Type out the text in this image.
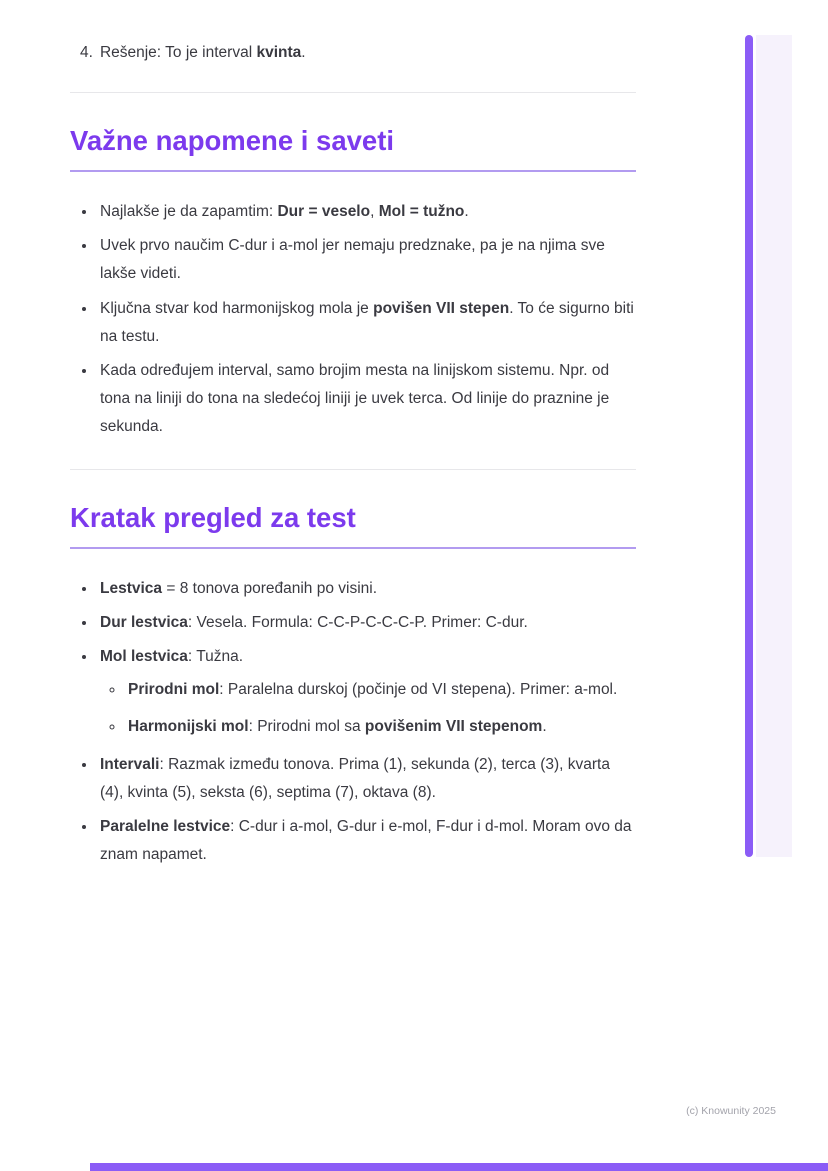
4. Rešenje: To je interval kvinta.
Važne napomene i saveti
• Najlakše je da zapamtim: Dur = veselo, Mol = tužno.
• Uvek prvo naučim C-dur i a-mol jer nemaju predznake, pa je na njima sve lakše videti.
• Ključna stvar kod harmonijskog mola je povišen VII stepen. To će sigurno biti na testu.
• Kada određujem interval, samo brojim mesta na linijskom sistemu. Npr. od tona na liniji do tona na sledećoj liniji je uvek terca. Od linije do praznine je sekunda.
Kratak pregled za test
• Lestvica = 8 tonova poređanih po visini.
• Dur lestvica: Vesela. Formula: C-C-P-C-C-C-P. Primer: C-dur.
• Mol lestvica: Tužna.
◦ Prirodni mol: Paralelna durskoj (počinje od VI stepena). Primer: a-mol.
◦ Harmonijski mol: Prirodni mol sa povišenim VII stepenom.
• Intervali: Razmak između tonova. Prima (1), sekunda (2), terca (3), kvarta (4), kvinta (5), seksta (6), septima (7), oktava (8).
• Paralelne lestvice: C-dur i a-mol, G-dur i e-mol, F-dur i d-mol. Moram ovo da znam napamet.
(c) Knowunity 2025
